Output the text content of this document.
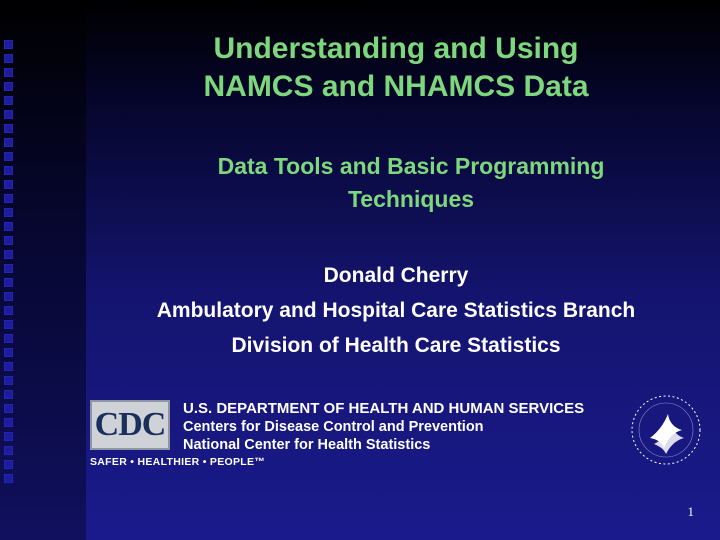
Understanding and Using
NAMCS and NHAMCS Data
Data Tools and Basic Programming
Techniques
Donald Cherry
Ambulatory and Hospital Care Statistics Branch
Division of Health Care Statistics
CDC
SAFER • HEALTHIER • PEOPLE™
U.S. DEPARTMENT OF HEALTH AND HUMAN SERVICES
Centers for Disease Control and Prevention
National Center for Health Statistics
1
